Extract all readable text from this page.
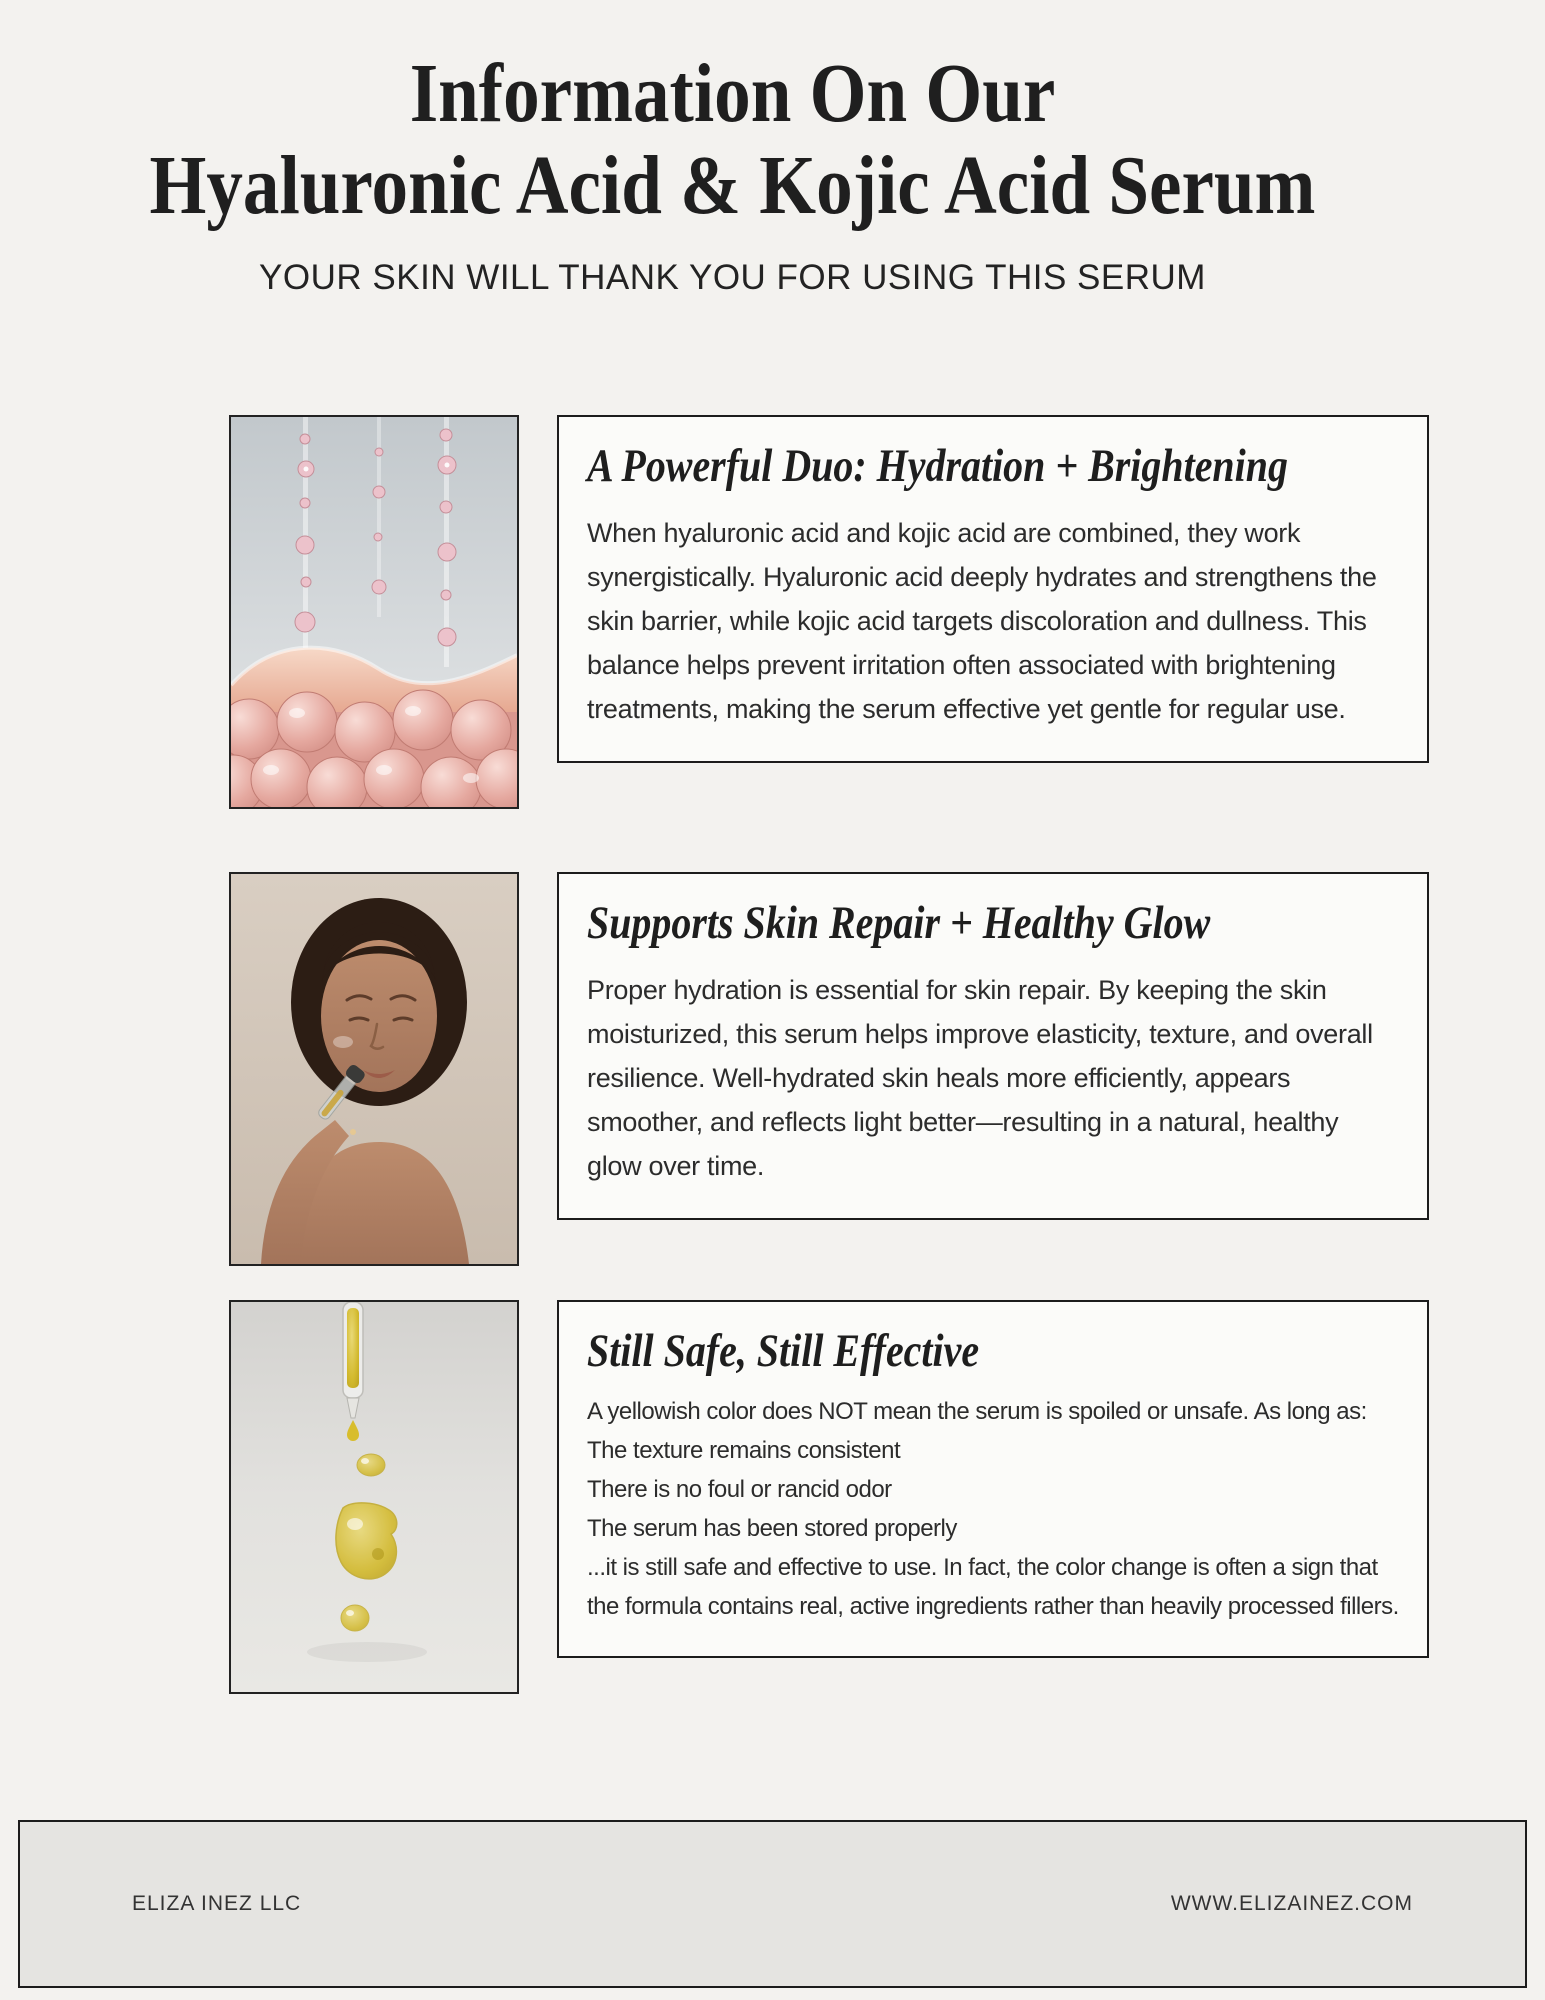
Information On Our
Hyaluronic Acid & Kojic Acid Serum
YOUR SKIN WILL THANK YOU FOR USING THIS SERUM
A Powerful Duo: Hydration + Brightening
When hyaluronic acid and kojic acid are combined, they work synergistically. Hyaluronic acid deeply hydrates and strengthens the skin barrier, while kojic acid targets discoloration and dullness. This balance helps prevent irritation often associated with brightening treatments, making the serum effective yet gentle for regular use.
Supports Skin Repair + Healthy Glow
Proper hydration is essential for skin repair. By keeping the skin moisturized, this serum helps improve elasticity, texture, and overall resilience. Well-hydrated skin heals more efficiently, appears smoother, and reflects light better—resulting in a natural, healthy glow over time.
Still Safe, Still Effective
A yellowish color does NOT mean the serum is spoiled or unsafe. As long as:
The texture remains consistent
There is no foul or rancid odor
The serum has been stored properly
...it is still safe and effective to use. In fact, the color change is often a sign that the formula contains real, active ingredients rather than heavily processed fillers.
ELIZA INEZ LLC	WWW.ELIZAINEZ.COM
